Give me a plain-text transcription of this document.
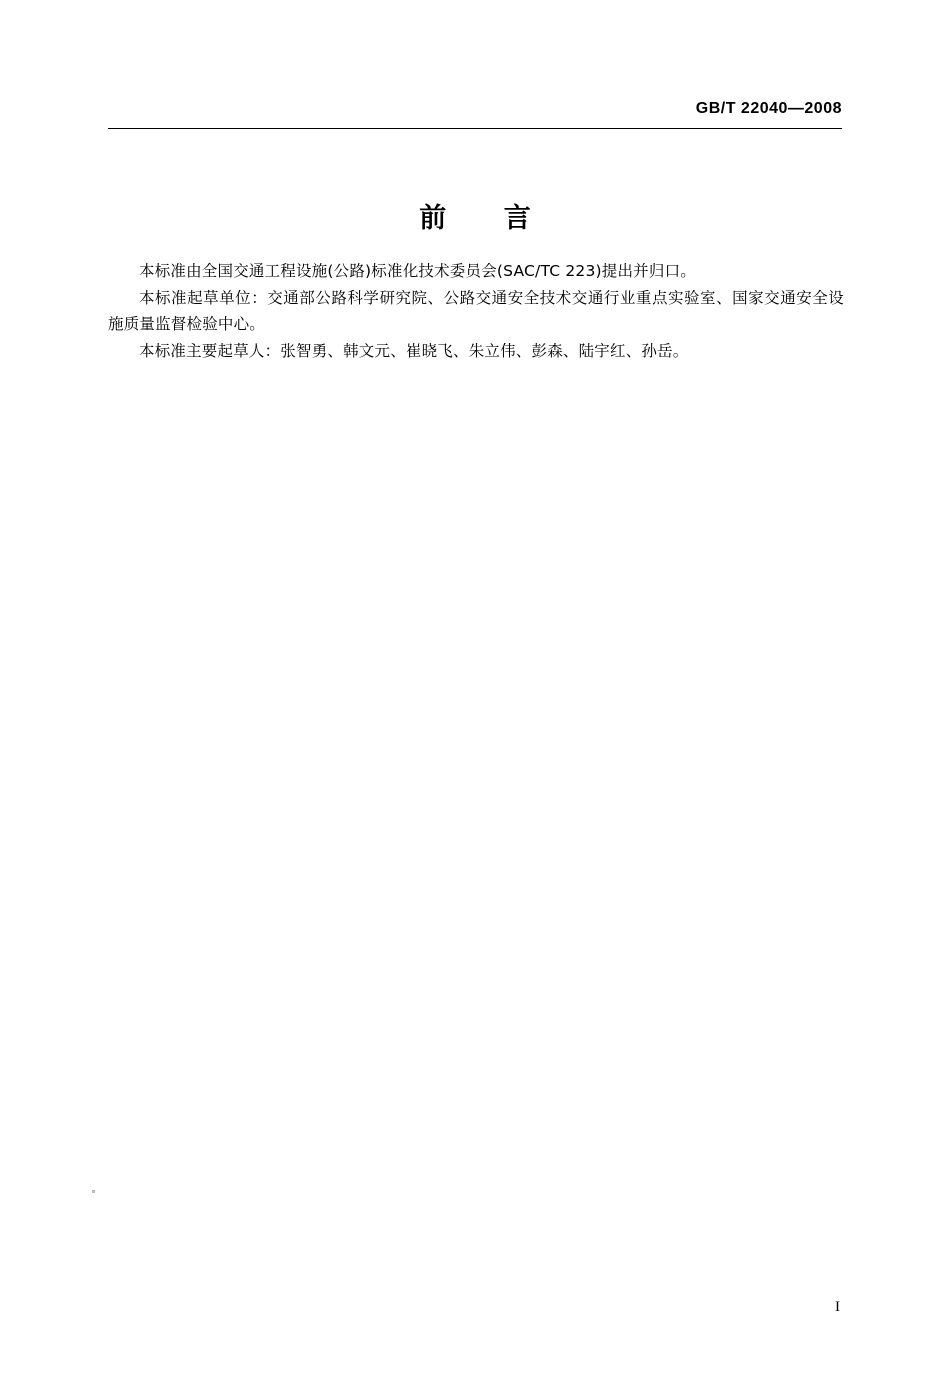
GB/T 22040—2008
前 言

本标准由全国交通工程设施(公路)标准化技术委员会(SAC/TC 223)提出并归口。

本标准起草单位：交通部公路科学研究院、公路交通安全技术交通行业重点实验室、国家交通安全设施质量监督检验中心。

本标准主要起草人：张智勇、韩文元、崔晓飞、朱立伟、彭森、陆宇红、孙岳。

I
